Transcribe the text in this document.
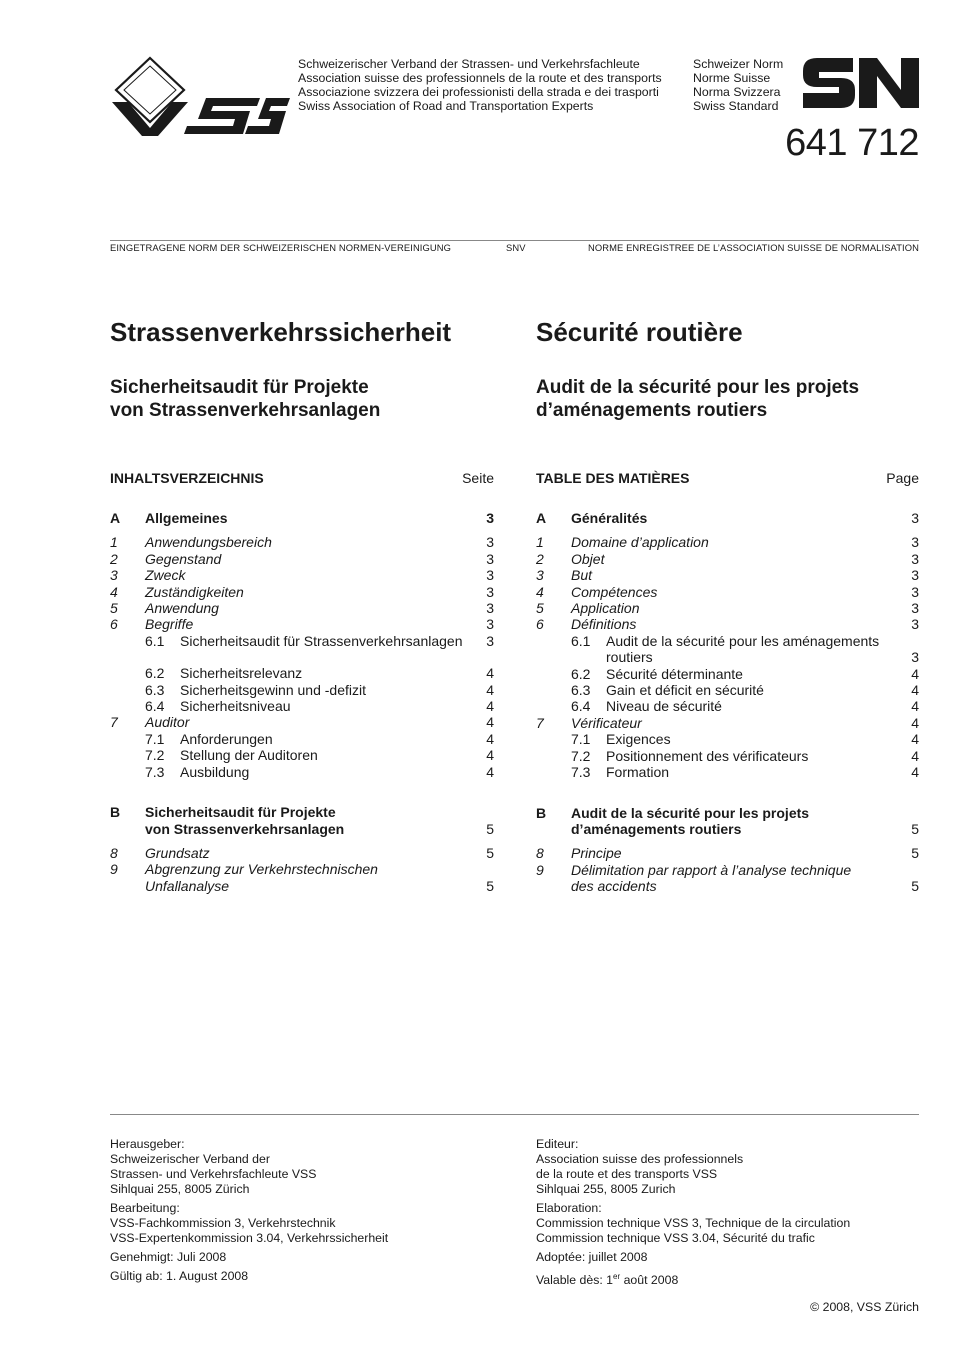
Schweizerischer Verband der Strassen- und Verkehrsfachleute
Association suisse des professionnels de la route et des transports
Associazione svizzera dei professionisti della strada e dei trasporti
Swiss Association of Road and Transportation Experts
Schweizer Norm
Norme Suisse
Norma Svizzera
Swiss Standard
641 712
EINGETRAGENE NORM DER SCHWEIZERISCHEN NORMEN-VEREINIGUNG	SNV	NORME ENREGISTREE DE L’ASSOCIATION SUISSE DE NORMALISATION
Strassenverkehrssicherheit	Sécurité routière
Sicherheitsaudit für Projekte
von Strassenverkehrsanlagen
Audit de la sécurité pour les projets
d’aménagements routiers
INHALTSVERZEICHNIS	Seite	TABLE DES MATIÈRES	Page
A	Allgemeines	3
1	Anwendungsbereich	3
2	Gegenstand	3
3	Zweck	3
4	Zuständigkeiten	3
5	Anwendung	3
6	Begriffe	3
6.1	Sicherheitsaudit für Strassenverkehrsanlagen	3
6.2	Sicherheitsrelevanz	4
6.3	Sicherheitsgewinn und -defizit	4
6.4	Sicherheitsniveau	4
7	Auditor	4
7.1	Anforderungen	4
7.2	Stellung der Auditoren	4
7.3	Ausbildung	4
B	Sicherheitsaudit für Projekte
von Strassenverkehrsanlagen	5
8	Grundsatz	5
9	Abgrenzung zur Verkehrstechnischen
Unfallanalyse	5
A	Généralités	3
1	Domaine d’application	3
2	Objet	3
3	But	3
4	Compétences	3
5	Application	3
6	Définitions	3
6.1	Audit de la sécurité pour les aménagements routiers	3
6.2	Sécurité déterminante	4
6.3	Gain et déficit en sécurité	4
6.4	Niveau de sécurité	4
7	Vérificateur	4
7.1	Exigences	4
7.2	Positionnement des vérificateurs	4
7.3	Formation	4
B	Audit de la sécurité pour les projets
d’aménagements routiers	5
8	Principe	5
9	Délimitation par rapport à l’analyse technique
des accidents	5

Herausgeber:
Schweizerischer Verband der
Strassen- und Verkehrsfachleute VSS
Sihlquai 255, 8005 Zürich

Bearbeitung:
VSS-Fachkommission 3, Verkehrstechnik
VSS-Expertenkommission 3.04, Verkehrssicherheit

Genehmigt: Juli 2008

Gültig ab: 1. August 2008

Editeur:
Association suisse des professionnels
de la route et des transports VSS
Sihlquai 255, 8005 Zurich

Elaboration:
Commission technique VSS 3, Technique de la circulation
Commission technique VSS 3.04, Sécurité du trafic

Adoptée: juillet 2008

Valable dès: 1er août 2008

© 2008, VSS Zürich
